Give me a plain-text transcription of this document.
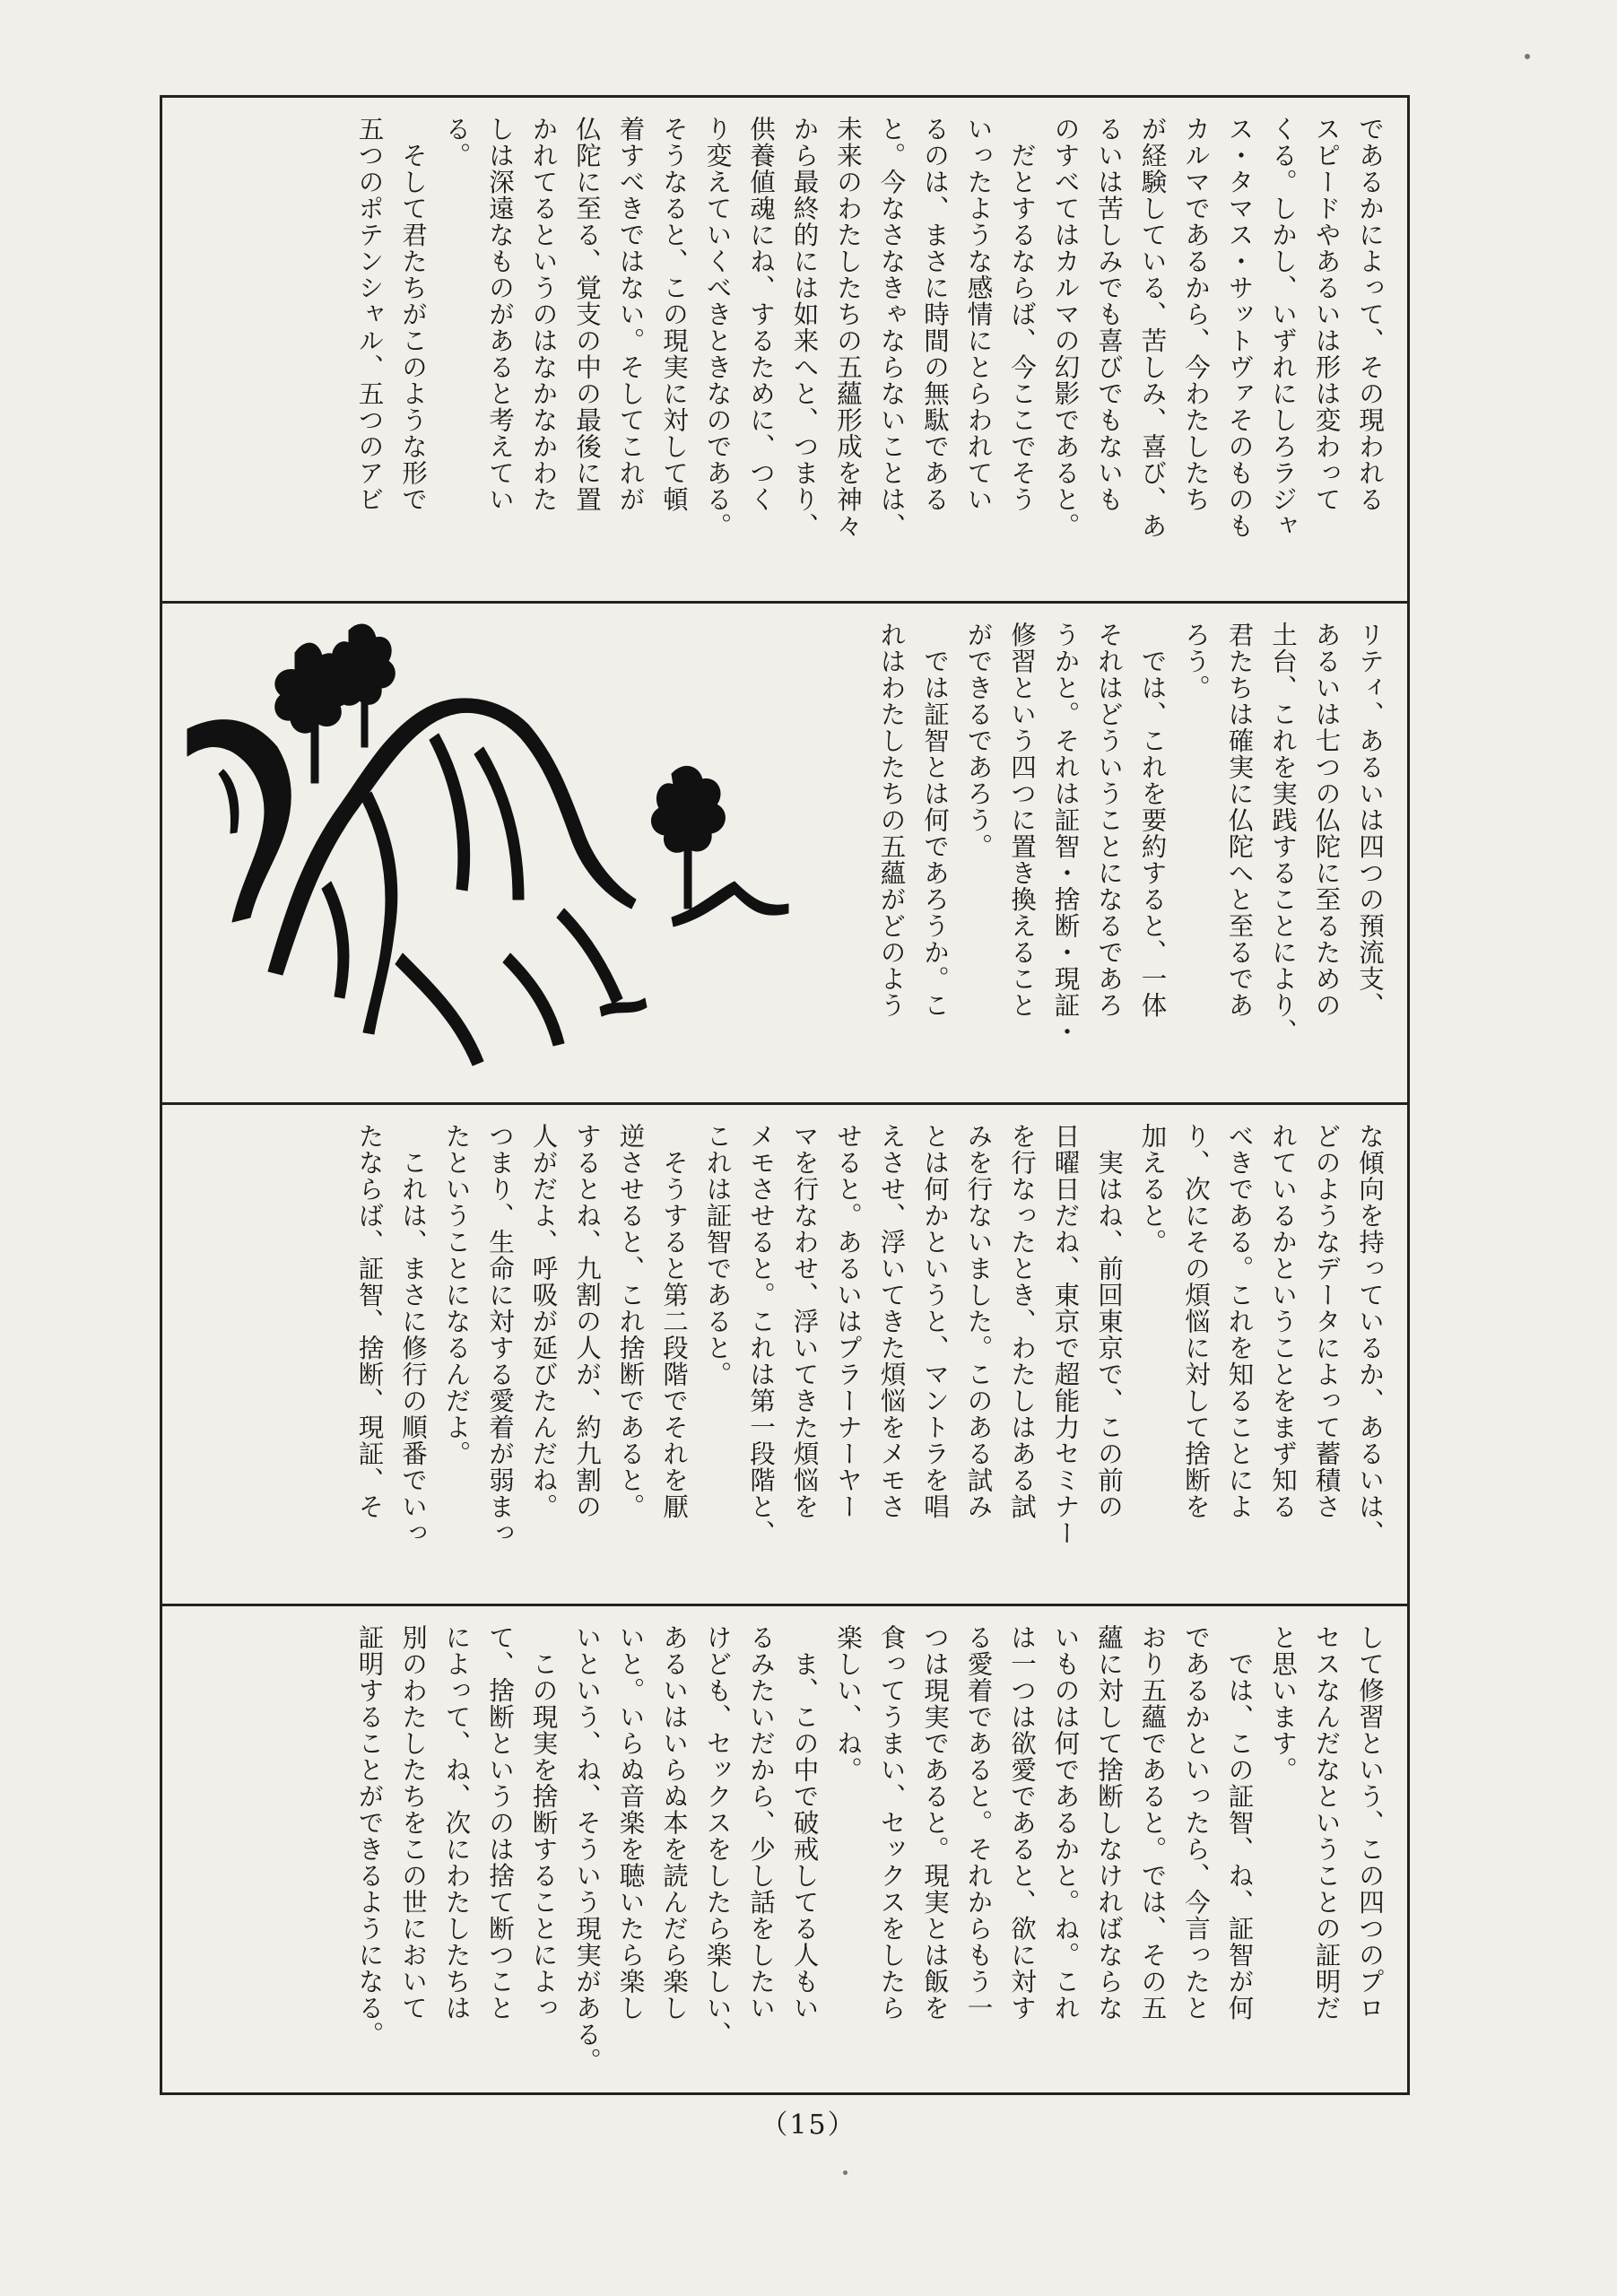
であるかによって、その現われる
スピードやあるいは形は変わって
くる。しかし、いずれにしろラジャ
ス・タマス・サットヴァそのものも
カルマであるから、今わたしたち
が経験している、苦しみ、喜び、あ
るいは苦しみでも喜びでもないも
のすべてはカルマの幻影であると。
　だとするならば、今ここでそう
いったような感情にとらわれてい
るのは、まさに時間の無駄である
と。今なさなきゃならないことは、
未来のわたしたちの五蘊形成を神々
から最終的には如来へと、つまり、
供養値魂にね、するために、つく
り変えていくべきときなのである。
そうなると、この現実に対して頓
着すべきではない。そしてこれが
仏陀に至る、覚支の中の最後に置
かれてるというのはなかなかわた
しは深遠なものがあると考えてい
る。
　そして君たちがこのような形で
五つのポテンシャル、五つのアビ
リティ、あるいは四つの預流支、
あるいは七つの仏陀に至るための
土台、これを実践することにより、
君たちは確実に仏陀へと至るであ
ろう。
　では、これを要約すると、一体
それはどういうことになるであろ
うかと。それは証智・捨断・現証・
修習という四つに置き換えること
ができるであろう。
　では証智とは何であろうか。こ
れはわたしたちの五蘊がどのよう
な傾向を持っているか、あるいは、
どのようなデータによって蓄積さ
れているかということをまず知る
べきである。これを知ることによ
り、次にその煩悩に対して捨断を
加えると。
　実はね、前回東京で、この前の
日曜日だね、東京で超能力セミナー
を行なったとき、わたしはある試
みを行ないました。このある試み
とは何かというと、マントラを唱
えさせ、浮いてきた煩悩をメモさ
せると。あるいはプラーナーヤー
マを行なわせ、浮いてきた煩悩を
メモさせると。これは第一段階と、
これは証智であると。
　そうすると第二段階でそれを厭
逆させると、これ捨断であると。
するとね、九割の人が、約九割の
人がだよ、呼吸が延びたんだね。
つまり、生命に対する愛着が弱まっ
たということになるんだよ。
　これは、まさに修行の順番でいっ
たならば、証智、捨断、現証、そ
して修習という、この四つのプロ
セスなんだなということの証明だ
と思います。
　では、この証智、ね、証智が何
であるかといったら、今言ったと
おり五蘊であると。では、その五
蘊に対して捨断しなければならな
いものは何であるかと。ね。これ
は一つは欲愛であると、欲に対す
る愛着であると。それからもう一
つは現実であると。現実とは飯を
食ってうまい、セックスをしたら
楽しい、ね。
　ま、この中で破戒してる人もい
るみたいだから、少し話をしたい
けども、セックスをしたら楽しい、
あるいはいらぬ本を読んだら楽し
いと。いらぬ音楽を聴いたら楽し
いという、ね、そういう現実がある。
　この現実を捨断することによっ
て、捨断というのは捨て断つこと
によって、ね、次にわたしたちは
別のわたしたちをこの世において
証明することができるようになる。
（15）
